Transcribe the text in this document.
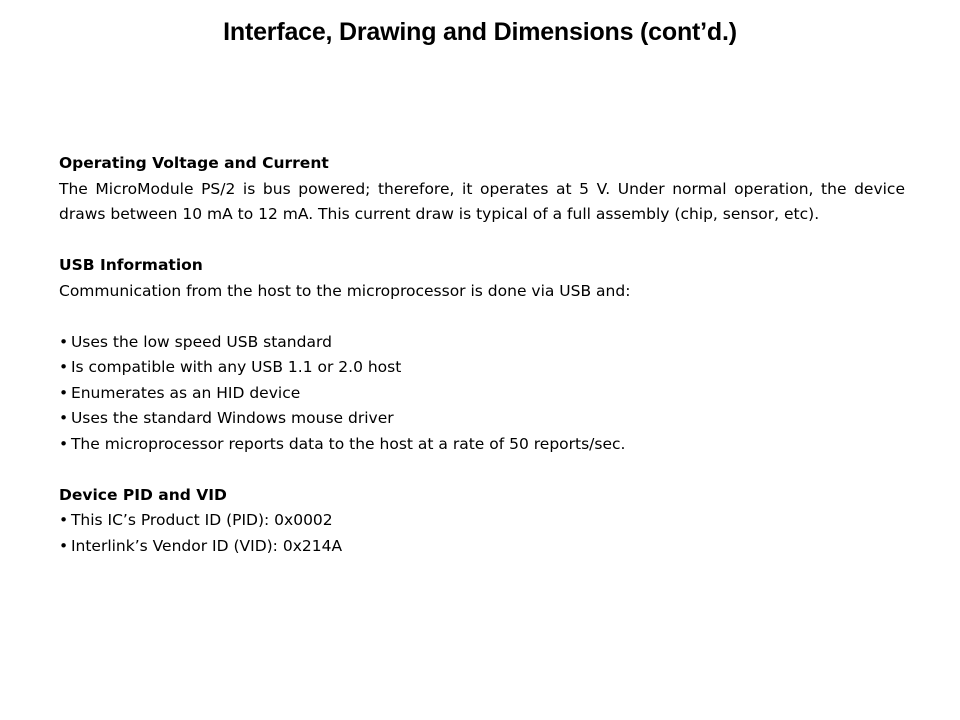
Interface, Drawing and Dimensions (cont’d.)

Operating Voltage and Current

The MicroModule PS/2 is bus powered; therefore, it operates at 5 V. Under normal operation, the device draws between 10 mA to 12 mA. This current draw is typical of a full assembly (chip, sensor, etc).

USB Information

Communication from the host to the microprocessor is done via USB and:

• Uses the low speed USB standard
• Is compatible with any USB 1.1 or 2.0 host
• Enumerates as an HID device
• Uses the standard Windows mouse driver
• The microprocessor reports data to the host at a rate of 50 reports/sec.

Device PID and VID

• This IC’s Product ID (PID): 0x0002
• Interlink’s Vendor ID (VID): 0x214A
